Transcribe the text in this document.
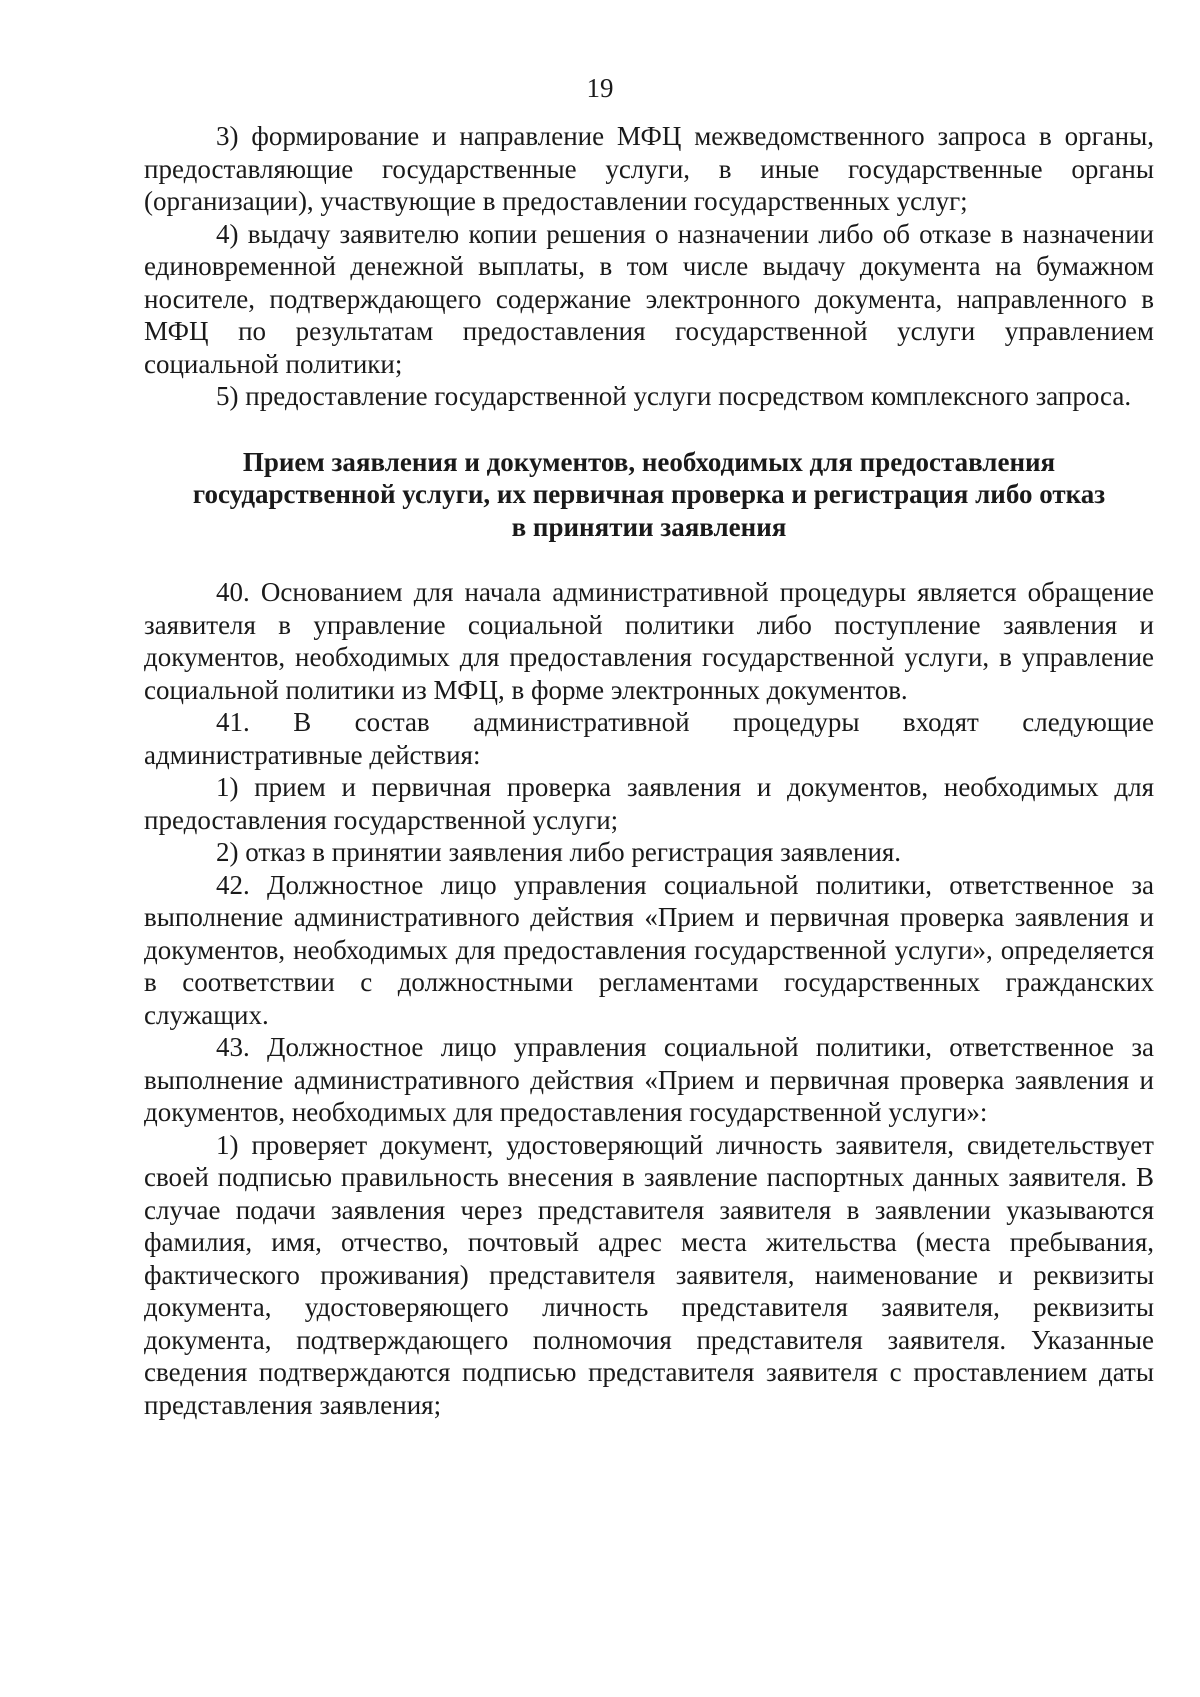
19

3) формирование и направление МФЦ межведомственного запроса в органы, предоставляющие государственные услуги, в иные государственные органы (организации), участвующие в предоставлении государственных услуг;

4) выдачу заявителю копии решения о назначении либо об отказе в назначении единовременной денежной выплаты, в том числе выдачу документа на бумажном носителе, подтверждающего содержание электронного документа, направленного в МФЦ по результатам предоставления государственной услуги управлением социальной политики;

5) предоставление государственной услуги посредством комплексного запроса.

Прием заявления и документов, необходимых для предоставления
государственной услуги, их первичная проверка и регистрация либо отказ
в принятии заявления

40. Основанием для начала административной процедуры является обращение заявителя в управление социальной политики либо поступление заявления и документов, необходимых для предоставления государственной услуги, в управление социальной политики из МФЦ, в форме электронных документов.

41. В состав административной процедуры входят следующие административные действия:

1) прием и первичная проверка заявления и документов, необходимых для предоставления государственной услуги;

2) отказ в принятии заявления либо регистрация заявления.

42. Должностное лицо управления социальной политики, ответственное за выполнение административного действия «Прием и первичная проверка заявления и документов, необходимых для предоставления государственной услуги», определяется в соответствии с должностными регламентами государственных гражданских служащих.

43. Должностное лицо управления социальной политики, ответственное за выполнение административного действия «Прием и первичная проверка заявления и документов, необходимых для предоставления государственной услуги»:

1) проверяет документ, удостоверяющий личность заявителя, свидетельствует своей подписью правильность внесения в заявление паспортных данных заявителя. В случае подачи заявления через представителя заявителя в заявлении указываются фамилия, имя, отчество, почтовый адрес места жительства (места пребывания, фактического проживания) представителя заявителя, наименование и реквизиты документа, удостоверяющего личность представителя заявителя, реквизиты документа, подтверждающего полномочия представителя заявителя. Указанные сведения подтверждаются подписью представителя заявителя с проставлением даты представления заявления;
